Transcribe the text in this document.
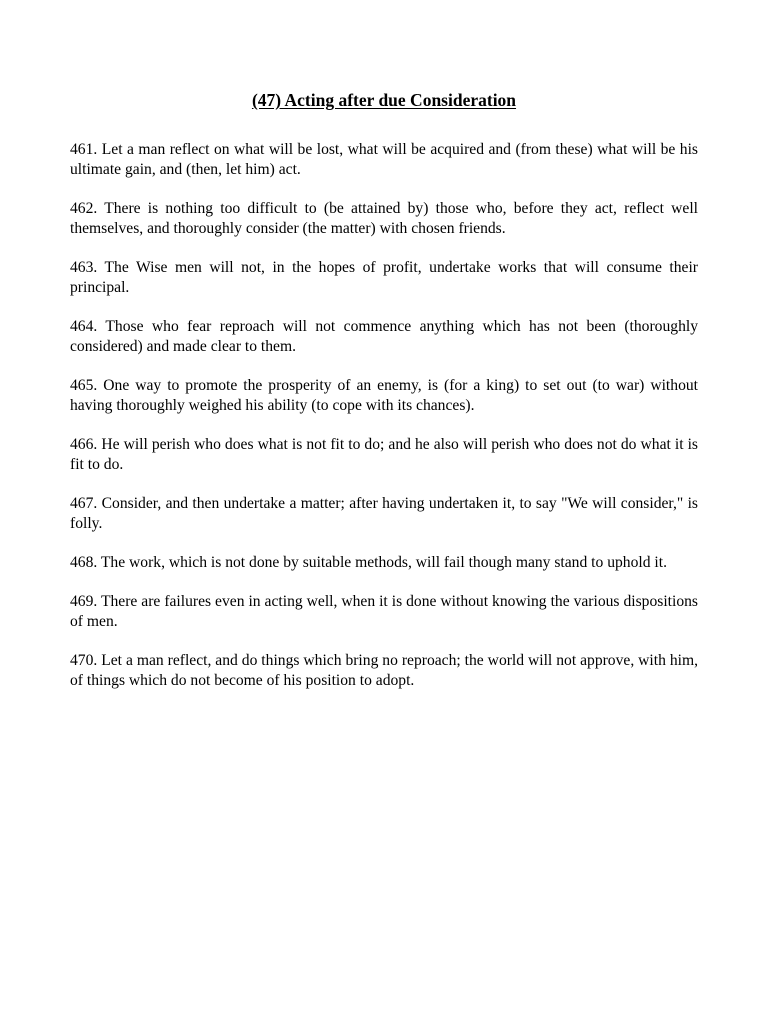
(47) Acting after due Consideration

461. Let a man reflect on what will be lost, what will be acquired and (from these) what will be his ultimate gain, and (then, let him) act.

462. There is nothing too difficult to (be attained by) those who, before they act, reflect well themselves, and thoroughly consider (the matter) with chosen friends.

463. The Wise men will not, in the hopes of profit, undertake works that will consume their principal.

464. Those who fear reproach will not commence anything which has not been (thoroughly considered) and made clear to them.

465. One way to promote the prosperity of an enemy, is (for a king) to set out (to war) without having thoroughly weighed his ability (to cope with its chances).

466. He will perish who does what is not fit to do; and he also will perish who does not do what it is fit to do.

467. Consider, and then undertake a matter; after having undertaken it, to say "We will consider," is folly.

468. The work, which is not done by suitable methods, will fail though many stand to uphold it.

469. There are failures even in acting well, when it is done without knowing the various dispositions of men.

470. Let a man reflect, and do things which bring no reproach; the world will not approve, with him, of things which do not become of his position to adopt.
